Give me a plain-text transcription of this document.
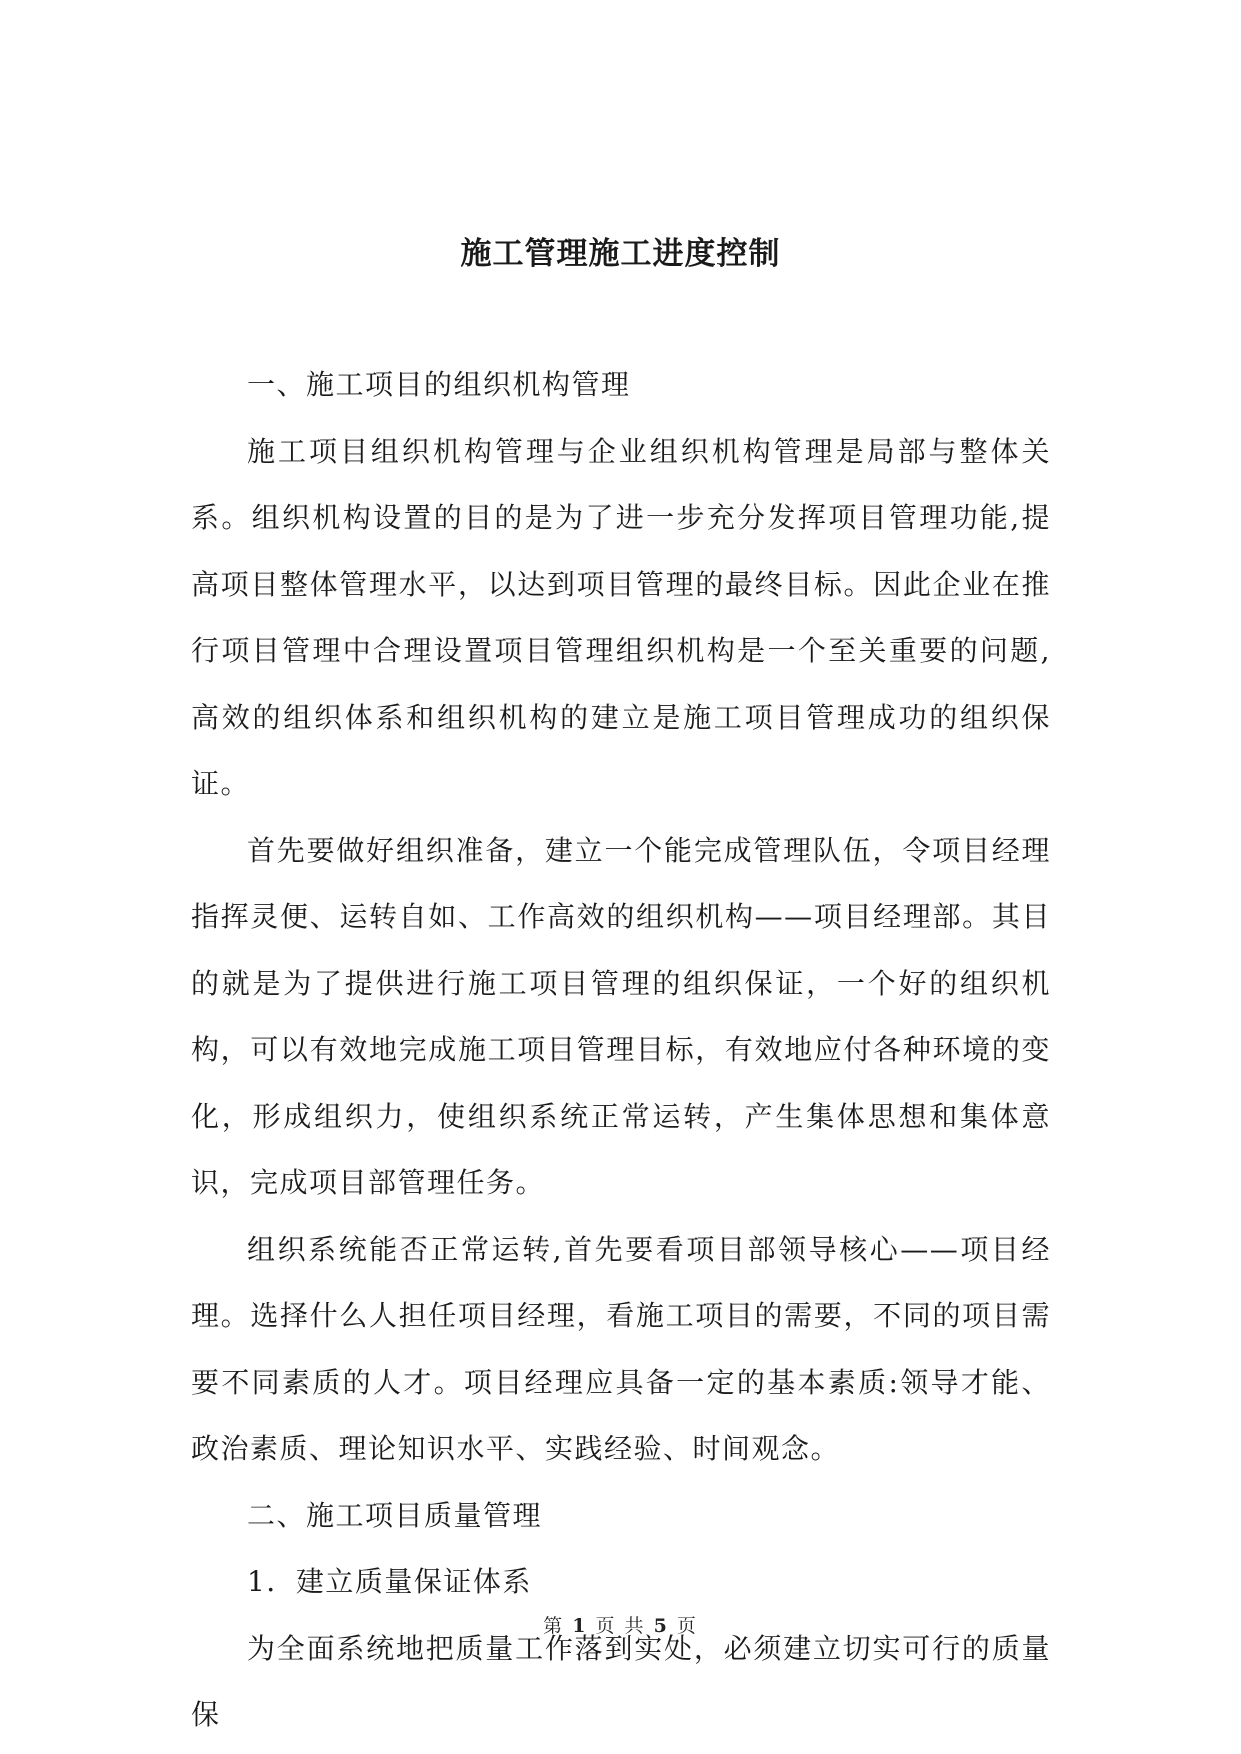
施工管理施工进度控制

一、施工项目的组织机构管理

施工项目组织机构管理与企业组织机构管理是局部与整体关系。组织机构设置的目的是为了进一步充分发挥项目管理功能,提高项目整体管理水平，以达到项目管理的最终目标。因此企业在推行项目管理中合理设置项目管理组织机构是一个至关重要的问题,高效的组织体系和组织机构的建立是施工项目管理成功的组织保证。

首先要做好组织准备，建立一个能完成管理队伍，令项目经理指挥灵便、运转自如、工作高效的组织机构——项目经理部。其目的就是为了提供进行施工项目管理的组织保证，一个好的组织机构，可以有效地完成施工项目管理目标，有效地应付各种环境的变化，形成组织力，使组织系统正常运转，产生集体思想和集体意识，完成项目部管理任务。

组织系统能否正常运转,首先要看项目部领导核心——项目经理。选择什么人担任项目经理，看施工项目的需要，不同的项目需要不同素质的人才。项目经理应具备一定的基本素质:领导才能、政治素质、理论知识水平、实践经验、时间观念。

二、施工项目质量管理

1．建立质量保证体系

为全面系统地把质量工作落到实处，必须建立切实可行的质量保

第 1 页 共 5 页
